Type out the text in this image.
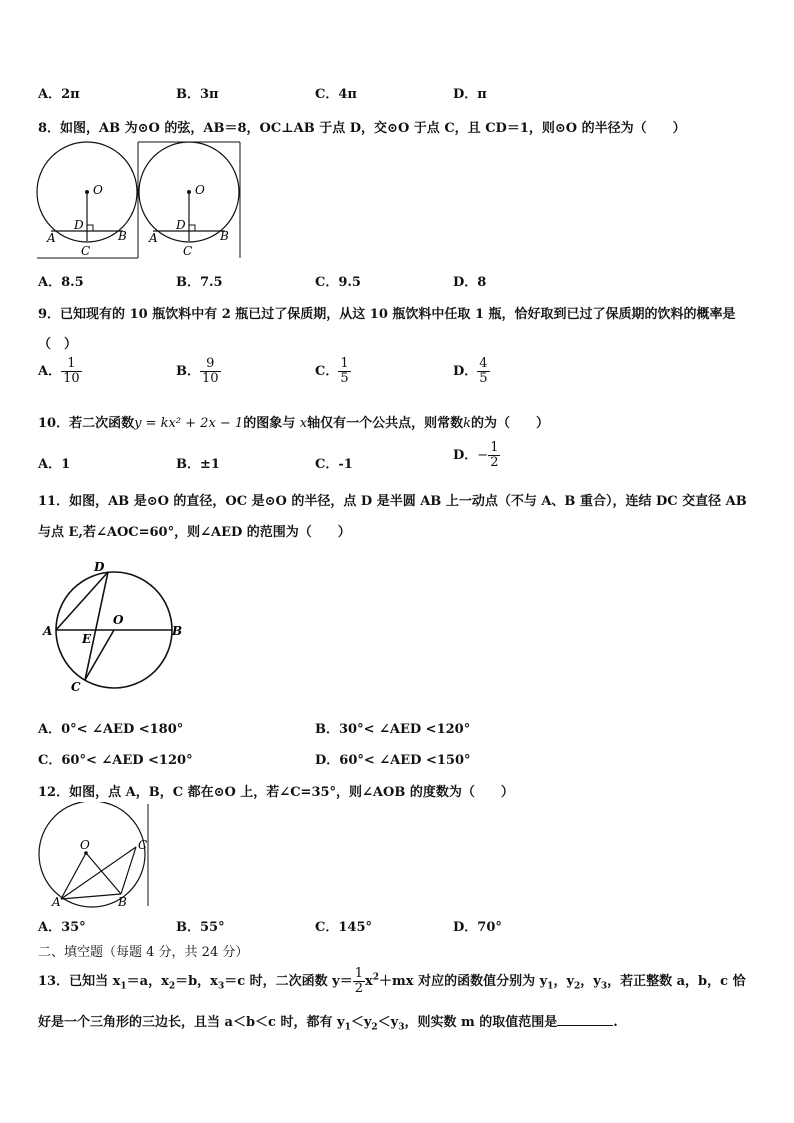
A．2π	B．3π	C．4π	D．π
8．如图，AB 为⊙O 的弦，AB＝8，OC⊥AB 于点 D，交⊙O 于点 C，且 CD＝1，则⊙O 的半径为（　　）
O
D
A	B
C
O
D
A	B
C
A．8.5	B．7.5	C．9.5	D．8
9．已知现有的 10 瓶饮料中有 2 瓶已过了保质期，从这 10 瓶饮料中任取 1 瓶，恰好取到已过了保质期的饮料的概率是
（　）
A． $\frac{1}{10}$	B． $\frac{9}{10}$	C． $\frac{1}{5}$	D． $\frac{4}{5}$
10．若二次函数y = kx² + 2x − 1的图象与 x轴仅有一个公共点，则常数k的为（　　）
A．1	B．±1	C．-1
D．− $\frac{1}{2}$
11．如图，AB 是⊙O 的直径，OC 是⊙O 的半径，点 D 是半圆 AB 上一动点（不与 A、B 重合），连结 DC 交直径 AB
与点 E,若∠AOC=60°，则∠AED 的范围为（　　）
D
A
O
B
E
C
A．0°< ∠AED <180°	B．30°< ∠AED <120°
C．60°< ∠AED <120°	D．60°< ∠AED <150°
12．如图，点 A，B，C 都在⊙O 上，若∠C=35°，则∠AOB 的度数为（　　）
O	C
A	B
A．35°	B．55°	C．145°	D．70°
二、填空题（每题 4 分，共 24 分）
13．已知当 $x_1=a$，$x_2=b$，$x_3=c$ 时，二次函数 $y= \frac{1}{2} x^2+mx$ 对应的函数值分别为 $y_1$，$y_2$，$y_3$，若正整数 a，b，c 恰
好是一个三角形的三边长，且当 a＜b＜c 时，都有 $y_1<y_2<y_3$，则实数 m 的取值范围是	.
